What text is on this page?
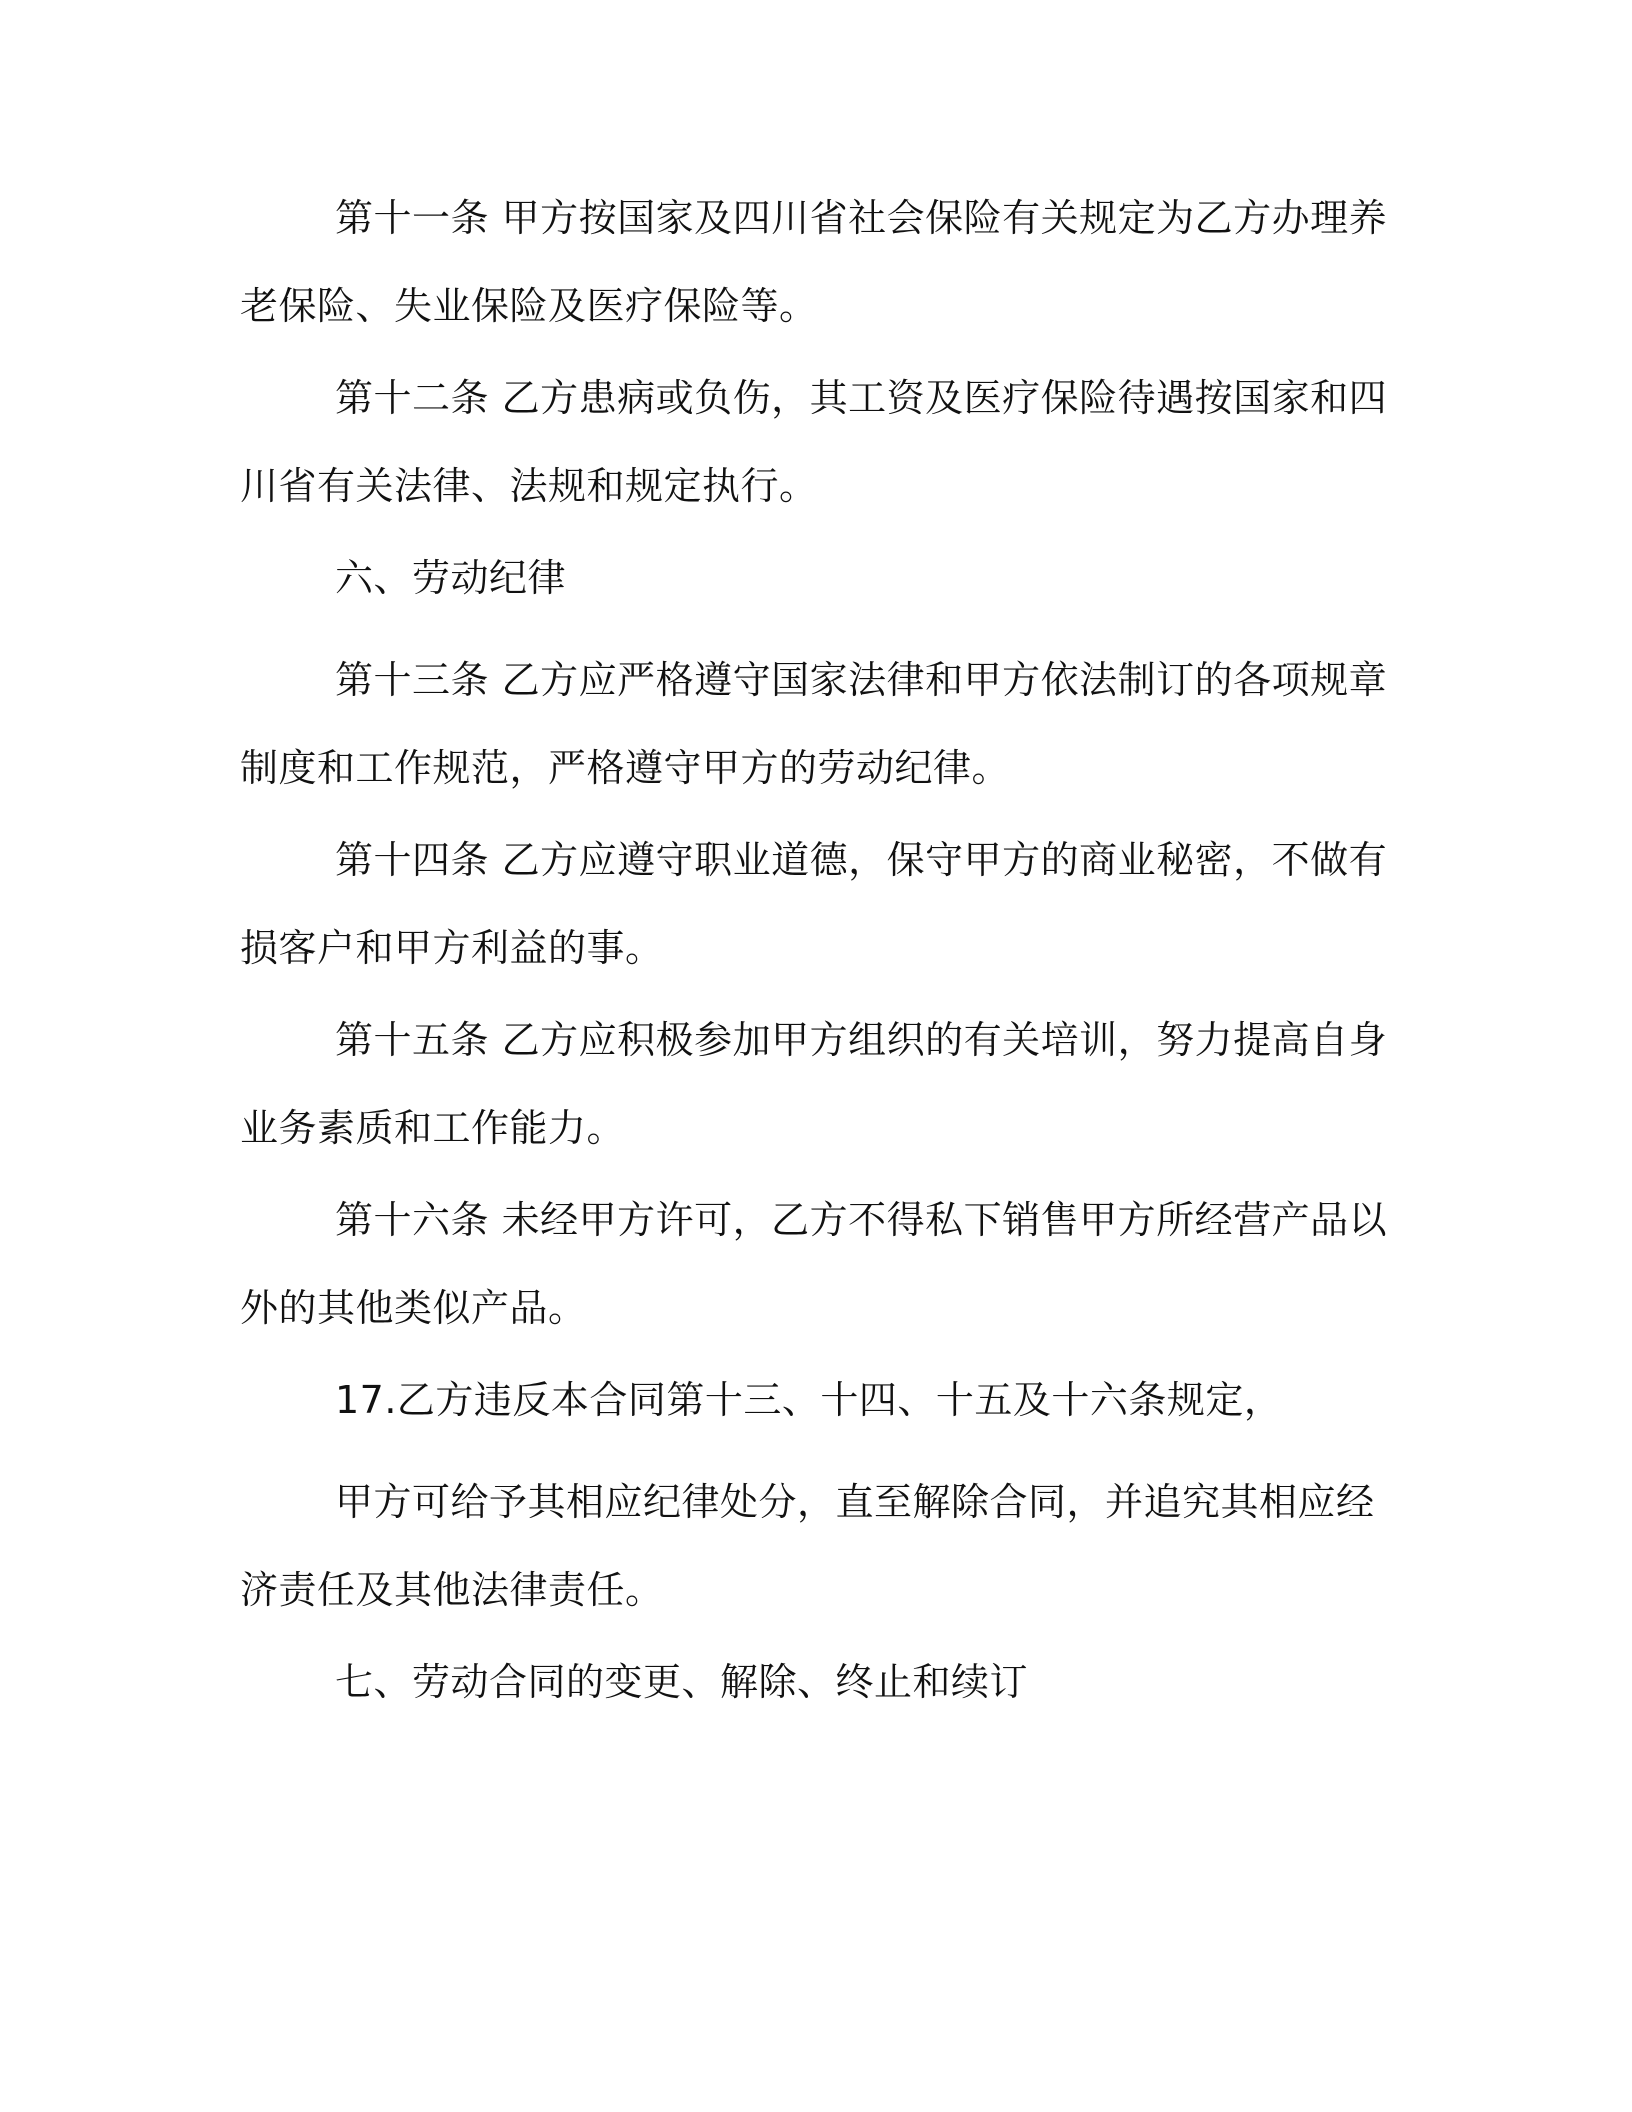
第十一条 甲方按国家及四川省社会保险有关规定为乙方办理养老保险、失业保险及医疗保险等。

第十二条 乙方患病或负伤，其工资及医疗保险待遇按国家和四川省有关法律、法规和规定执行。

六、劳动纪律

第十三条 乙方应严格遵守国家法律和甲方依法制订的各项规章制度和工作规范，严格遵守甲方的劳动纪律。

第十四条 乙方应遵守职业道德，保守甲方的商业秘密，不做有损客户和甲方利益的事。

第十五条 乙方应积极参加甲方组织的有关培训，努力提高自身业务素质和工作能力。

第十六条 未经甲方许可，乙方不得私下销售甲方所经营产品以外的其他类似产品。

17.乙方违反本合同第十三、十四、十五及十六条规定，

甲方可给予其相应纪律处分，直至解除合同，并追究其相应经济责任及其他法律责任。

七、劳动合同的变更、解除、终止和续订
